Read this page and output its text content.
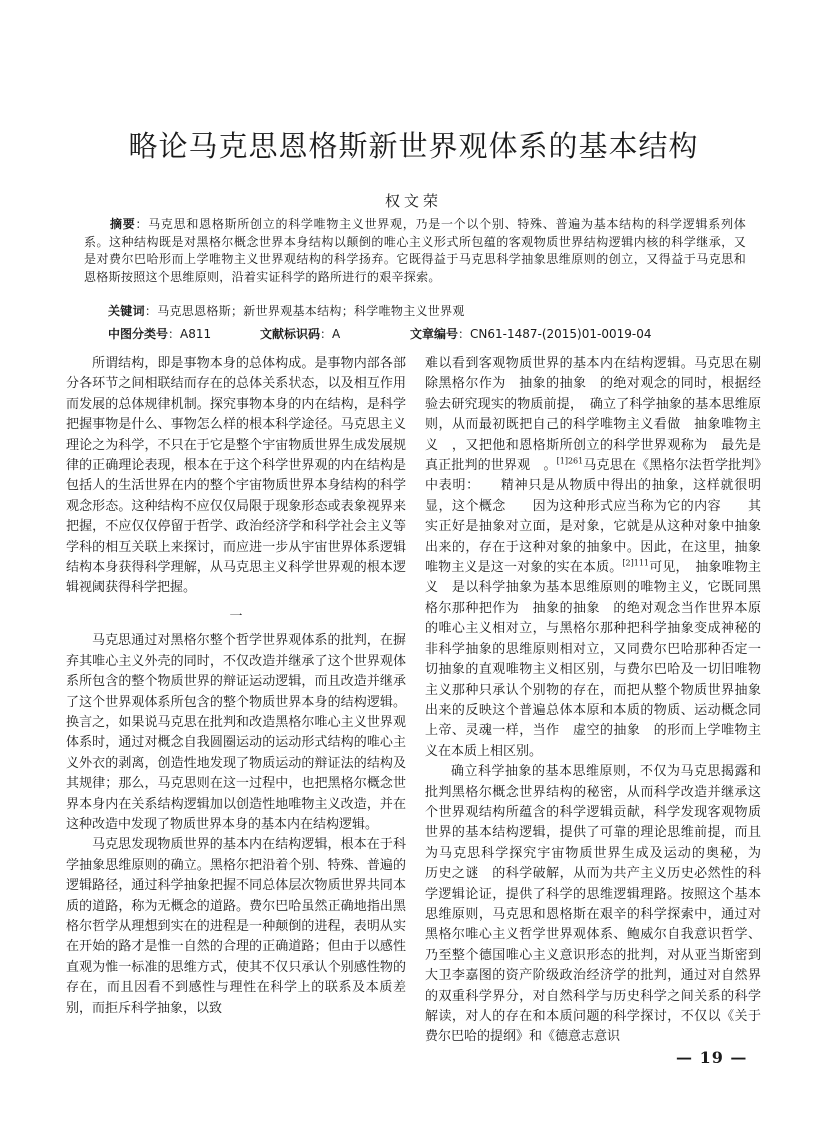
略论马克思恩格斯新世界观体系的基本结构
权文荣

摘要：马克思和恩格斯所创立的科学唯物主义世界观，乃是一个以个别、特殊、普遍为基本结构的科学逻辑系列体系。这种结构既是对黑格尔概念世界本身结构以颠倒的唯心主义形式所包蕴的客观物质世界结构逻辑内核的科学继承，又是对费尔巴哈形而上学唯物主义世界观结构的科学扬弃。它既得益于马克思科学抽象思维原则的创立，又得益于马克思和恩格斯按照这个思维原则，沿着实证科学的路所进行的艰辛探索。

关键词：马克思恩格斯；新世界观基本结构；科学唯物主义世界观
中图分类号：A811	文献标识码：A	文章编号：CN61-1487-(2015)01-0019-04

所谓结构，即是事物本身的总体构成。是事物内部各部分各环节之间相联结而存在的总体关系状态，以及相互作用而发展的总体规律机制。探究事物本身的内在结构，是科学把握事物是什么、事物怎么样的根本科学途径。马克思主义理论之为科学，不只在于它是整个宇宙物质世界生成发展规律的正确理论表现，根本在于这个科学世界观的内在结构是包括人的生活世界在内的整个宇宙物质世界本身结构的科学观念形态。这种结构不应仅仅局限于现象形态或表象视界来把握，不应仅仅停留于哲学、政治经济学和科学社会主义等学科的相互关联上来探讨，而应进一步从宇宙世界体系逻辑结构本身获得科学理解，从马克思主义科学世界观的根本逻辑视阈获得科学把握。

一

马克思通过对黑格尔整个哲学世界观体系的批判，在摒弃其唯心主义外壳的同时，不仅改造并继承了这个世界观体系所包含的整个物质世界的辩证运动逻辑，而且改造并继承了这个世界观体系所包含的整个物质世界本身的结构逻辑。换言之，如果说马克思在批判和改造黑格尔唯心主义世界观体系时，通过对概念自我圆圈运动的运动形式结构的唯心主义外衣的剥离，创造性地发现了物质运动的辩证法的结构及其规律；那么，马克思则在这一过程中，也把黑格尔概念世界本身内在关系结构逻辑加以创造性地唯物主义改造，并在这种改造中发现了物质世界本身的基本内在结构逻辑。

马克思发现物质世界的基本内在结构逻辑，根本在于科学抽象思维原则的确立。黑格尔把沿着个别、特殊、普遍的逻辑路径，通过科学抽象把握不同总体层次物质世界共同本质的道路，称为无概念的道路。费尔巴哈虽然正确地指出黑格尔哲学从理想到实在的进程是一种颠倒的进程，表明从实在开始的路才是惟一自然的合理的正确道路；但由于以感性直观为惟一标准的思维方式，使其不仅只承认个别感性物的存在，而且因看不到感性与理性在科学上的联系及本质差别，而拒斥科学抽象，以致

难以看到客观物质世界的基本内在结构逻辑。马克思在剔除黑格尔作为　抽象的抽象　的绝对观念的同时，根据经验去研究现实的物质前提，　确立了科学抽象的基本思维原则，从而最初既把自己的科学唯物主义看做　抽象唯物主义　，又把他和恩格斯所创立的科学世界观称为　最先是真正批判的世界观　。$^{[1]261}$马克思在《黑格尔法哲学批判》中表明：　　精神只是从物质中得出的抽象，这样就很明显，这个概念　　因为这种形式应当称为它的内容　　其实正好是抽象对立面，是对象，它就是从这种对象中抽象出来的，存在于这种对象的抽象中。因此，在这里，抽象唯物主义是这一对象的实在本质。$^{[2]111}$可见，　抽象唯物主义　是以科学抽象为基本思维原则的唯物主义，它既同黑格尔那种把作为　抽象的抽象　的绝对观念当作世界本原的唯心主义相对立，与黑格尔那种把科学抽象变成神秘的非科学抽象的思维原则相对立，又同费尔巴哈那种否定一切抽象的直观唯物主义相区别，与费尔巴哈及一切旧唯物主义那种只承认个别物的存在，而把从整个物质世界抽象出来的反映这个普遍总体本原和本质的物质、运动概念同上帝、灵魂一样，当作　虚空的抽象　的形而上学唯物主义在本质上相区别。

确立科学抽象的基本思维原则，不仅为马克思揭露和批判黑格尔概念世界结构的秘密，从而科学改造并继承这个世界观结构所蕴含的科学逻辑贡献，科学发现客观物质世界的基本结构逻辑，提供了可靠的理论思维前提，而且为马克思科学探究宇宙物质世界生成及运动的奥秘，为　历史之谜　的科学破解，从而为共产主义历史必然性的科学逻辑论证，提供了科学的思维逻辑理路。按照这个基本思维原则，马克思和恩格斯在艰辛的科学探索中，通过对黑格尔唯心主义哲学世界观体系、鲍威尔自我意识哲学、乃至整个德国唯心主义意识形态的批判，对从亚当斯密到大卫李嘉图的资产阶级政治经济学的批判，通过对自然界的双重科学界分，对自然科学与历史科学之间关系的科学解读，对人的存在和本质问题的科学探讨，不仅以《关于费尔巴哈的提纲》和《德意志意识

— 19 —
